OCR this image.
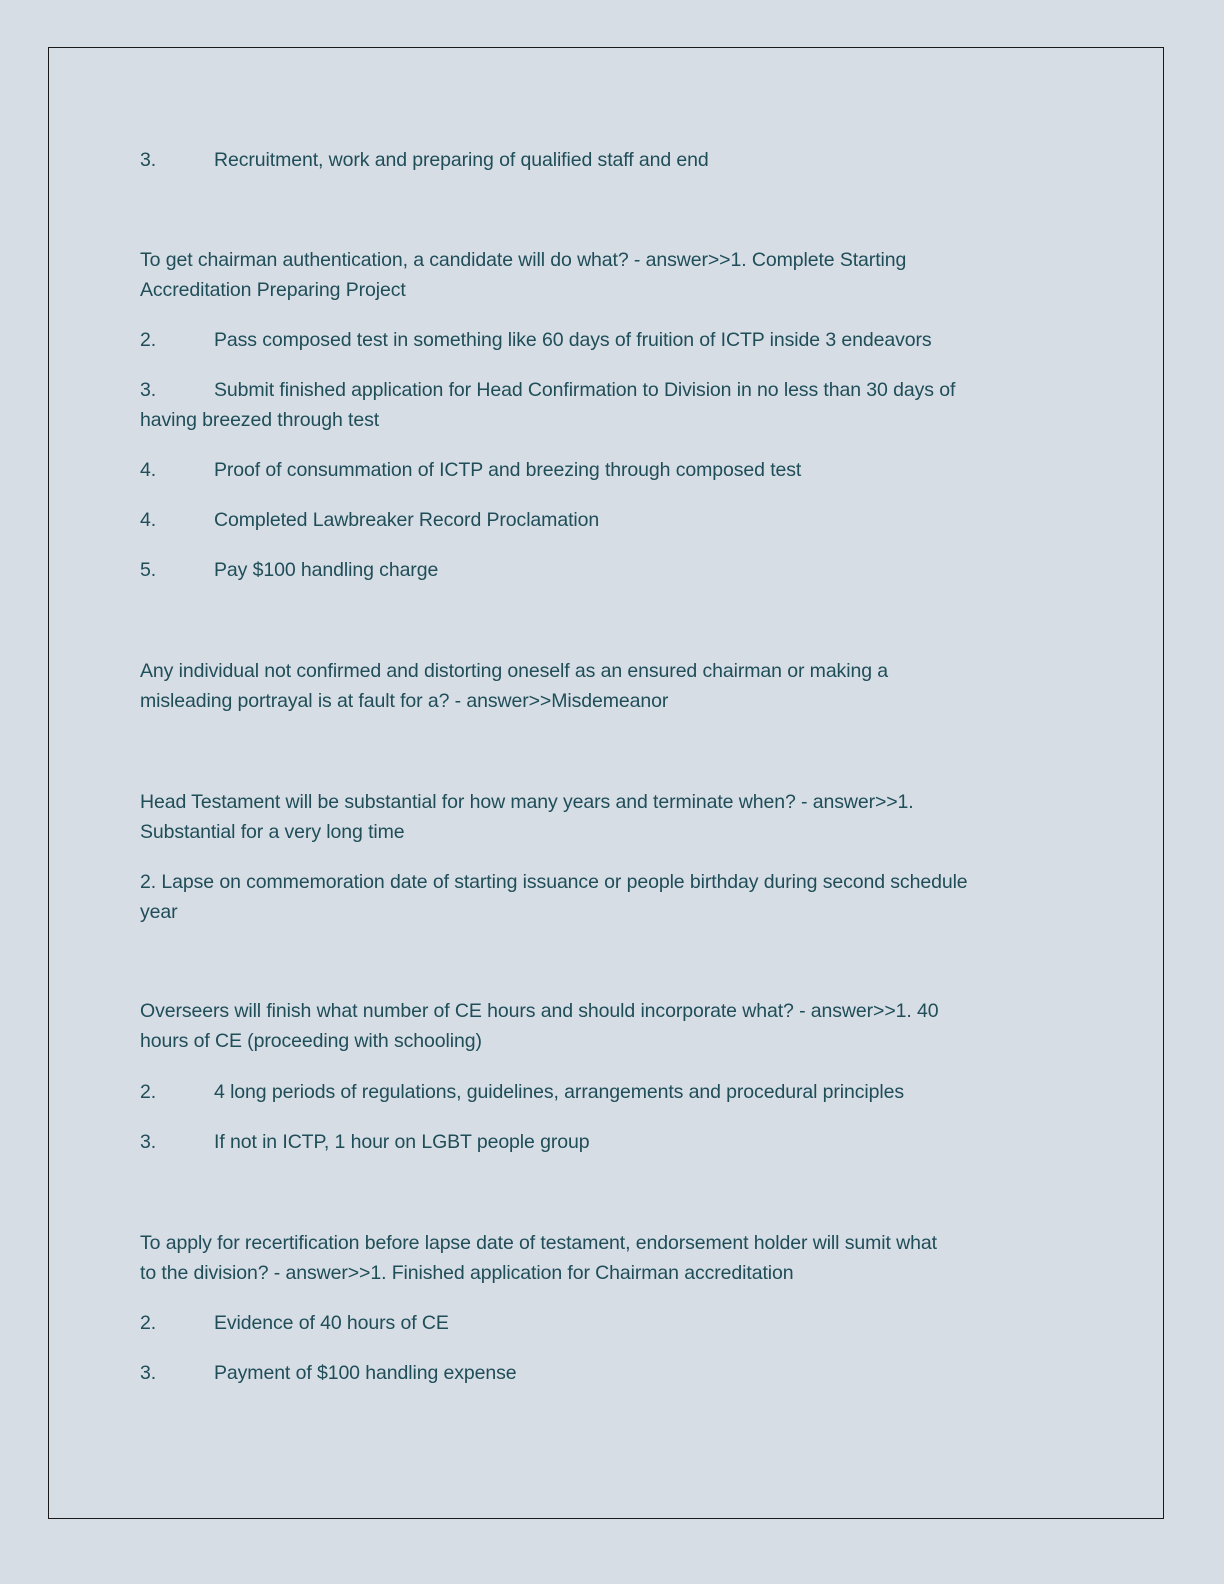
3.	Recruitment, work and preparing of qualified staff and end
To get chairman authentication, a candidate will do what? - answer>>1. Complete Starting Accreditation Preparing Project
2.	Pass composed test in something like 60 days of fruition of ICTP inside 3 endeavors
3.	Submit finished application for Head Confirmation to Division in no less than 30 days of
having breezed through test
4.	Proof of consummation of ICTP and breezing through composed test
4.	Completed Lawbreaker Record Proclamation
5.	Pay $100 handling charge
Any individual not confirmed and distorting oneself as an ensured chairman or making a
misleading portrayal is at fault for a? - answer>>Misdemeanor
Head Testament will be substantial for how many years and terminate when? - answer>>1.
Substantial for a very long time
2. Lapse on commemoration date of starting issuance or people birthday during second schedule
year
Overseers will finish what number of CE hours and should incorporate what? - answer>>1. 40
hours of CE (proceeding with schooling)
2.	4 long periods of regulations, guidelines, arrangements and procedural principles
3.	If not in ICTP, 1 hour on LGBT people group
To apply for recertification before lapse date of testament, endorsement holder will sumit what
to the division? - answer>>1. Finished application for Chairman accreditation
2.	Evidence of 40 hours of CE
3.	Payment of $100 handling expense
